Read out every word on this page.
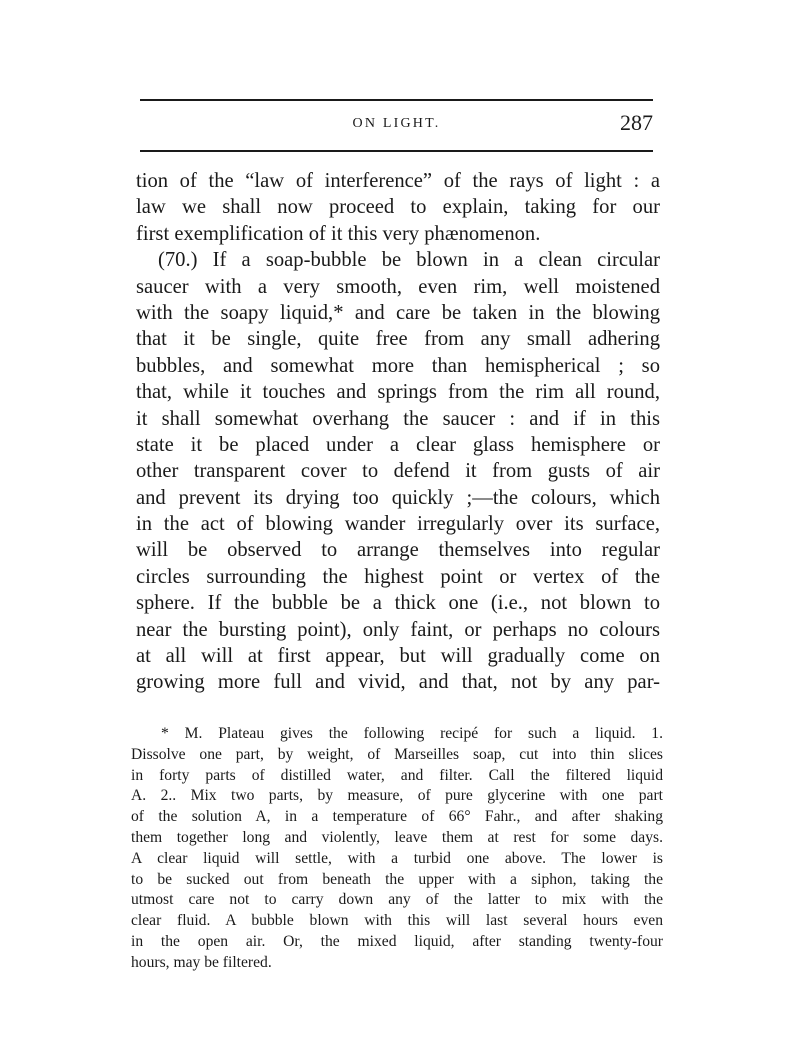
ON LIGHT.	287
tion of the “law of interference” of the rays of light : a
law we shall now proceed to explain, taking for our
first exemplification of it this very phænomenon.
(70.) If a soap-bubble be blown in a clean circular
saucer with a very smooth, even rim, well moistened
with the soapy liquid,* and care be taken in the blowing
that it be single, quite free from any small adhering
bubbles, and somewhat more than hemispherical ; so
that, while it touches and springs from the rim all round,
it shall somewhat overhang the saucer : and if in this
state it be placed under a clear glass hemisphere or
other transparent cover to defend it from gusts of air
and prevent its drying too quickly ;—the colours, which
in the act of blowing wander irregularly over its surface,
will be observed to arrange themselves into regular
circles surrounding the highest point or vertex of the
sphere. If the bubble be a thick one (i.e., not blown to
near the bursting point), only faint, or perhaps no colours
at all will at first appear, but will gradually come on
growing more full and vivid, and that, not by any par-
* M. Plateau gives the following recipé for such a liquid. 1.
Dissolve one part, by weight, of Marseilles soap, cut into thin slices
in forty parts of distilled water, and filter. Call the filtered liquid
A. 2.. Mix two parts, by measure, of pure glycerine with one part
of the solution A, in a temperature of 66° Fahr., and after shaking
them together long and violently, leave them at rest for some days.
A clear liquid will settle, with a turbid one above. The lower is
to be sucked out from beneath the upper with a siphon, taking the
utmost care not to carry down any of the latter to mix with the
clear fluid. A bubble blown with this will last several hours even
in the open air. Or, the mixed liquid, after standing twenty-four
hours, may be filtered.
